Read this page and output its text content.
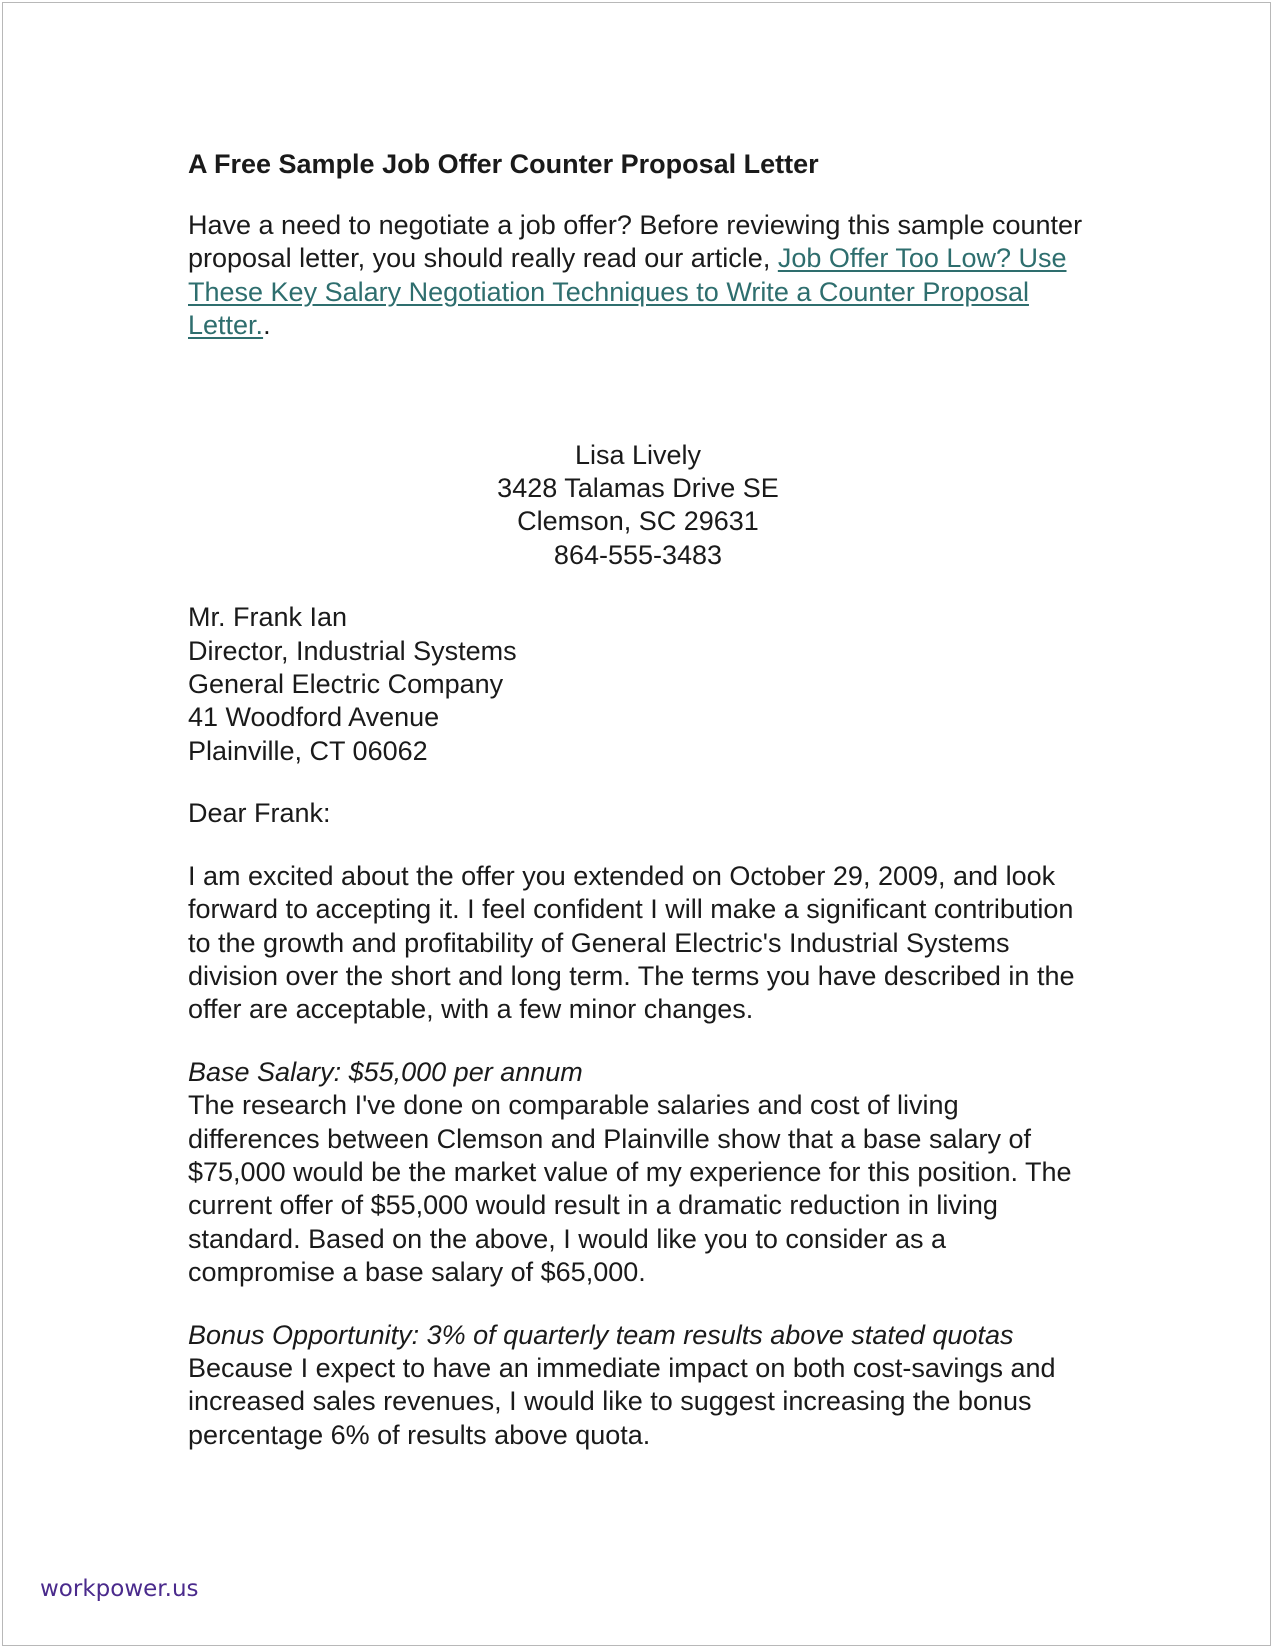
A Free Sample Job Offer Counter Proposal Letter

Have a need to negotiate a job offer? Before reviewing this sample counter proposal letter, you should really read our article, Job Offer Too Low? Use These Key Salary Negotiation Techniques to Write a Counter Proposal Letter..

Lisa Lively

3428 Talamas Drive SE

Clemson, SC 29631

864-555-3483

Mr. Frank Ian

Director, Industrial Systems

General Electric Company

41 Woodford Avenue

Plainville, CT 06062

Dear Frank:

I am excited about the offer you extended on October 29, 2009, and look forward to accepting it. I feel confident I will make a significant contribution to the growth and profitability of General Electric's Industrial Systems division over the short and long term. The terms you have described in the offer are acceptable, with a few minor changes.

Base Salary: $55,000 per annum

The research I've done on comparable salaries and cost of living differences between Clemson and Plainville show that a base salary of $75,000 would be the market value of my experience for this position. The current offer of $55,000 would result in a dramatic reduction in living standard. Based on the above, I would like you to consider as a compromise a base salary of $65,000.

Bonus Opportunity: 3% of quarterly team results above stated quotas

Because I expect to have an immediate impact on both cost-savings and increased sales revenues, I would like to suggest increasing the bonus percentage 6% of results above quota.

workpower.us
